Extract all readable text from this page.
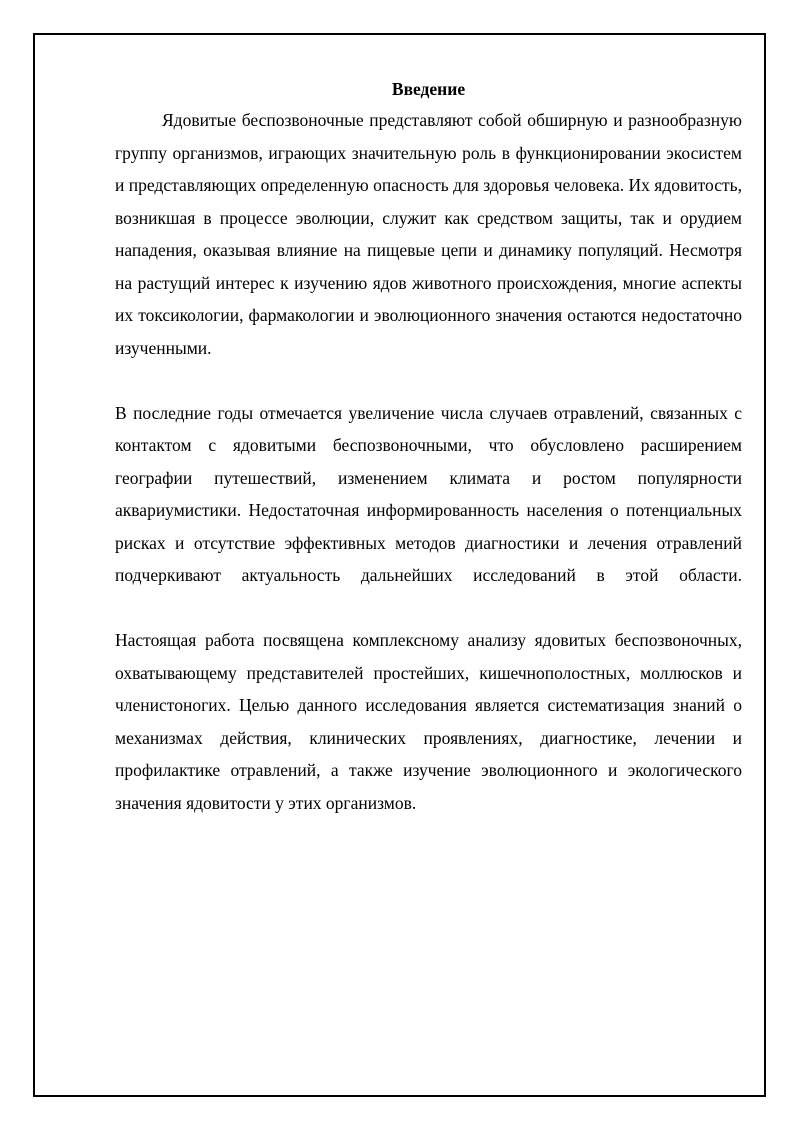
Введение

Ядовитые беспозвоночные представляют собой обширную и разнообразную группу организмов, играющих значительную роль в функционировании экосистем и представляющих определенную опасность для здоровья человека. Их ядовитость, возникшая в процессе эволюции, служит как средством защиты, так и орудием нападения, оказывая влияние на пищевые цепи и динамику популяций. Несмотря на растущий интерес к изучению ядов животного происхождения, многие аспекты их токсикологии, фармакологии и эволюционного значения остаются недостаточно изученными.

В последние годы отмечается увеличение числа случаев отравлений, связанных с контактом с ядовитыми беспозвоночными, что обусловлено расширением географии путешествий, изменением климата и ростом популярности аквариумистики. Недостаточная информированность населения о потенциальных рисках и отсутствие эффективных методов диагностики и лечения отравлений подчеркивают актуальность дальнейших исследований в этой области.

Настоящая работа посвящена комплексному анализу ядовитых беспозвоночных, охватывающему представителей простейших, кишечнополостных, моллюсков и членистоногих. Целью данного исследования является систематизация знаний о механизмах действия, клинических проявлениях, диагностике, лечении и профилактике отравлений, а также изучение эволюционного и экологического значения ядовитости у этих организмов.
